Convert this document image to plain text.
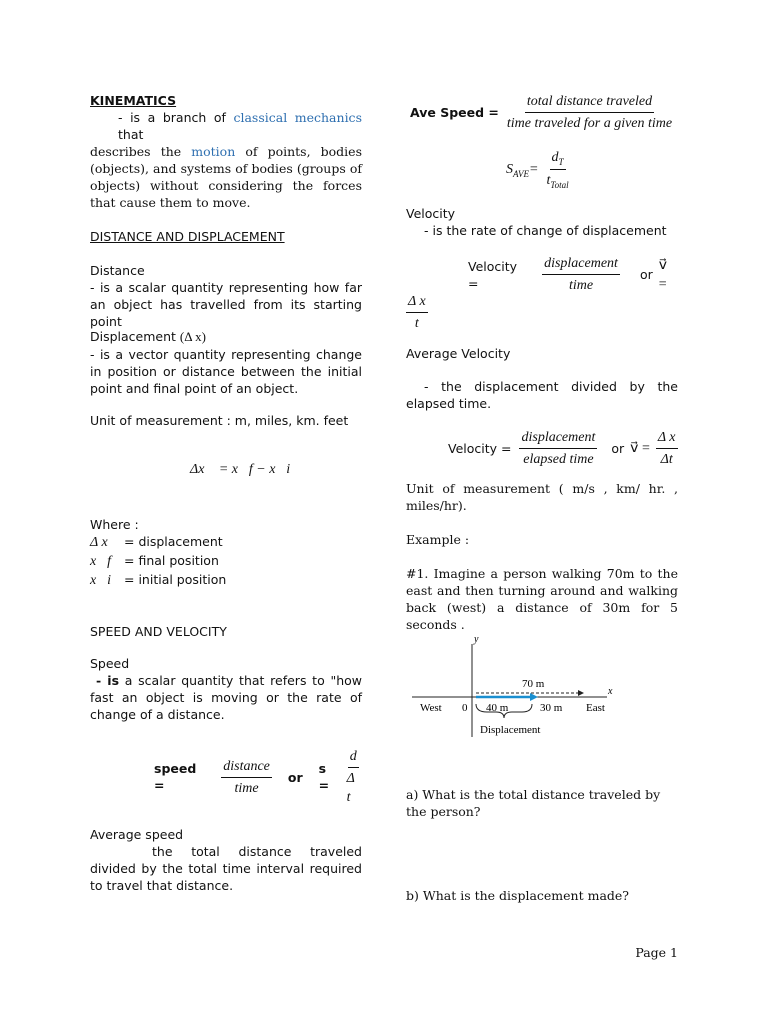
KINEMATICS
- is a branch of classical mechanics that
describes the motion of points, bodies (objects), and systems of bodies (groups of objects) without considering the forces that cause them to move.
DISTANCE AND DISPLACEMENT
Distance
- is a scalar quantity representing how far an object has travelled from its starting point
Displacement (Δ x)
- is a vector quantity representing change in position or distance between the initial point and final point of an object.
Unit of measurement : m, miles, km. feet
Δx⃗ = x⃗f − x⃗i
Where :
Δ x⃗ = displacement
x⃗f = final position
x⃗i = initial position
SPEED AND VELOCITY
Speed
- is a scalar quantity that refers to "how fast an object is moving or the rate of change of a distance.
speed =	$\frac{\text{distance}}{\text{time}}$ or
s =	$\frac{d}{\text{Δ t}}$
Average speed
the total distance traveled divided by the total time interval required to travel that distance.
Ave Speed = $\frac{\text{total distance traveled}}{\text{time traveled for a given time}}$
$S_{AVE}= \frac{d_T}{t_{Total}}$
Velocity
- is the rate of change of displacement
Velocity =	$\frac{\text{displacement}}{\text{time}}$ or
v⃗ =
$\frac{\text{Δ x}}{t}$
Average Velocity
- the displacement divided by the elapsed time.
Velocity = $\frac{\text{displacement}}{\text{elapsed time}}$ or v⃗ = $\frac{\text{Δ x}}{\Delta t}$
Unit of measurement ( m/s , km/ hr. , miles/hr).
Example :
#1. Imagine a person walking 70m to the east and then turning around and walking back (west) a distance of 30m for 5 seconds .
y
x
West	East
0
70 m
40 m	30 m
Displacement
a) What is the total distance traveled by the person?
b) What is the displacement made?
Page 1
